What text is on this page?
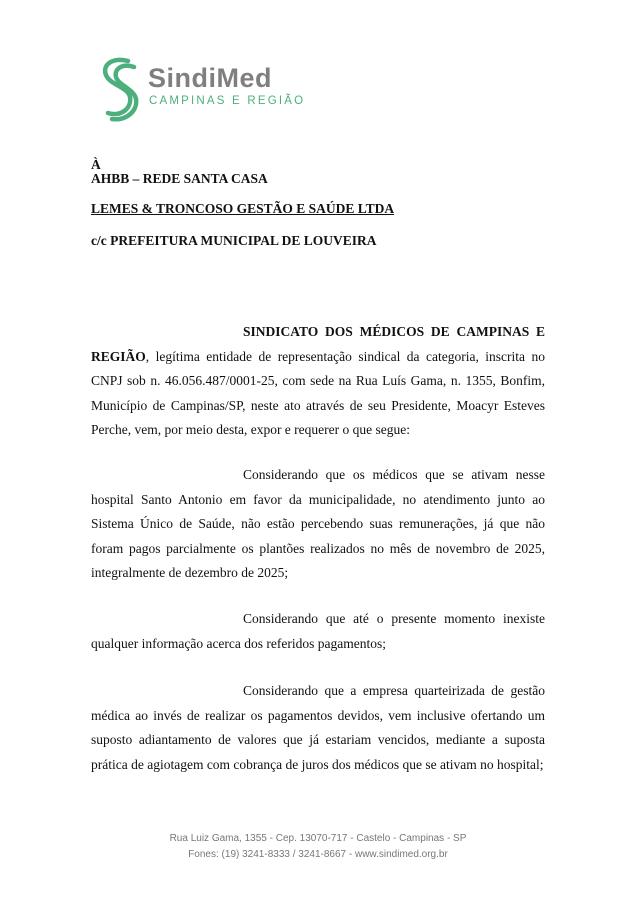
SindiMed
CAMPINAS E REGIÃO
À
AHBB – REDE SANTA CASA
LEMES & TRONCOSO GESTÃO E SAÚDE LTDA
c/c PREFEITURA MUNICIPAL DE LOUVEIRA

SINDICATO DOS MÉDICOS DE CAMPINAS E REGIÃO, legítima entidade de representação sindical da categoria, inscrita no CNPJ sob n. 46.056.487/0001-25, com sede na Rua Luís Gama, n. 1355, Bonfim, Município de Campinas/SP, neste ato através de seu Presidente, Moacyr Esteves Perche, vem, por meio desta, expor e requerer o que segue:

Considerando que os médicos que se ativam nesse hospital Santo Antonio em favor da municipalidade, no atendimento junto ao Sistema Único de Saúde, não estão percebendo suas remunerações, já que não foram pagos parcialmente os plantões realizados no mês de novembro de 2025, integralmente de dezembro de 2025;

Considerando que até o presente momento inexiste qualquer informação acerca dos referidos pagamentos;

Considerando que a empresa quarteirizada de gestão médica ao invés de realizar os pagamentos devidos, vem inclusive ofertando um suposto adiantamento de valores que já estariam vencidos, mediante a suposta prática de agiotagem com cobrança de juros dos médicos que se ativam no hospital;

Rua Luiz Gama, 1355 - Cep. 13070-717 - Castelo - Campinas - SP
Fones: (19) 3241-8333 / 3241-8667 - www.sindimed.org.br
